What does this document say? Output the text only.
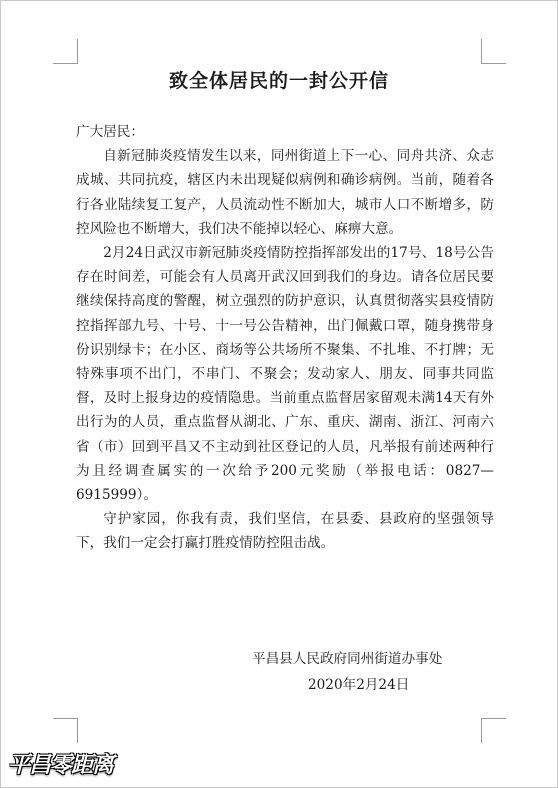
致全体居民的一封公开信

广大居民：

自新冠肺炎疫情发生以来，同州街道上下一心、同舟共济、众志成城、共同抗疫，辖区内未出现疑似病例和确诊病例。当前，随着各行各业陆续复工复产，人员流动性不断加大，城市人口不断增多，防控风险也不断增大，我们决不能掉以轻心、麻痹大意。

2月24日武汉市新冠肺炎疫情防控指挥部发出的17号、18号公告存在时间差，可能会有人员离开武汉回到我们的身边。请各位居民要继续保持高度的警醒，树立强烈的防护意识，认真贯彻落实县疫情防控指挥部九号、十号、十一号公告精神，出门佩戴口罩，随身携带身份识别绿卡；在小区、商场等公共场所不聚集、不扎堆、不打牌；无特殊事项不出门，不串门、不聚会；发动家人、朋友、同事共同监督，及时上报身边的疫情隐患。当前重点监督居家留观未满14天有外出行为的人员，重点监督从湖北、广东、重庆、湖南、浙江、河南六省（市）回到平昌又不主动到社区登记的人员，凡举报有前述两种行为且经调查属实的一次给予200元奖励（举报电话：0827—6915999）。

守护家园，你我有责，我们坚信，在县委、县政府的坚强领导下，我们一定会打赢打胜疫情防控阻击战。

平昌县人民政府同州街道办事处
2020年2月24日
平昌零距离
